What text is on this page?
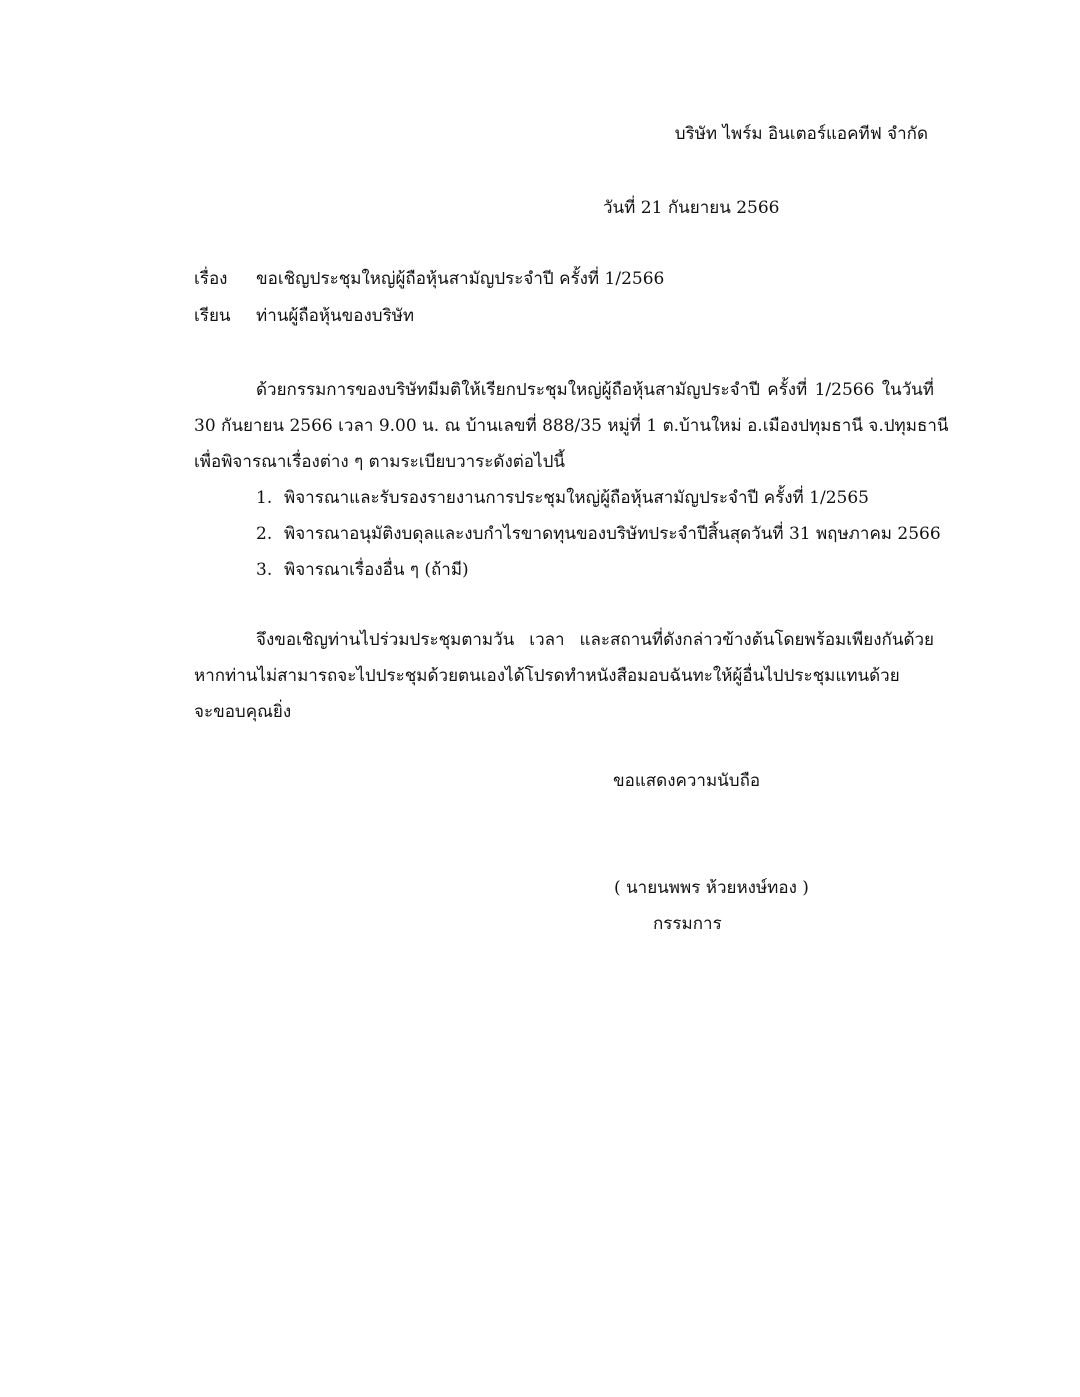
บริษัท ไพร์ม อินเตอร์แอคทีฟ จำกัด
วันที่ 21 กันยายน 2566
เรื่อง ขอเชิญประชุมใหญ่ผู้ถือหุ้นสามัญประจำปี ครั้งที่ 1/2566
เรียน ท่านผู้ถือหุ้นของบริษัท
ด้วยกรรมการของบริษัทมีมติให้เรียกประชุมใหญ่ผู้ถือหุ้นสามัญประจำปี ครั้งที่ 1/2566 ในวันที่
30 กันยายน 2566 เวลา 9.00 น. ณ บ้านเลขที่ 888/35 หมู่ที่ 1 ต.บ้านใหม่ อ.เมืองปทุมธานี จ.ปทุมธานี
เพื่อพิจารณาเรื่องต่าง ๆ ตามระเบียบวาระดังต่อไปนี้
1. พิจารณาและรับรองรายงานการประชุมใหญ่ผู้ถือหุ้นสามัญประจำปี ครั้งที่ 1/2565
2. พิจารณาอนุมัติงบดุลและงบกำไรขาดทุนของบริษัทประจำปีสิ้นสุดวันที่ 31 พฤษภาคม 2566
3. พิจารณาเรื่องอื่น ๆ (ถ้ามี)
จึงขอเชิญท่านไปร่วมประชุมตามวัน เวลา และสถานที่ดังกล่าวข้างต้นโดยพร้อมเพียงกันด้วย
หากท่านไม่สามารถจะไปประชุมด้วยตนเองได้โปรดทำหนังสือมอบฉันทะให้ผู้อื่นไปประชุมแทนด้วย
จะขอบคุณยิ่ง
ขอแสดงความนับถือ
( นายนพพร ห้วยหงษ์ทอง )
กรรมการ
